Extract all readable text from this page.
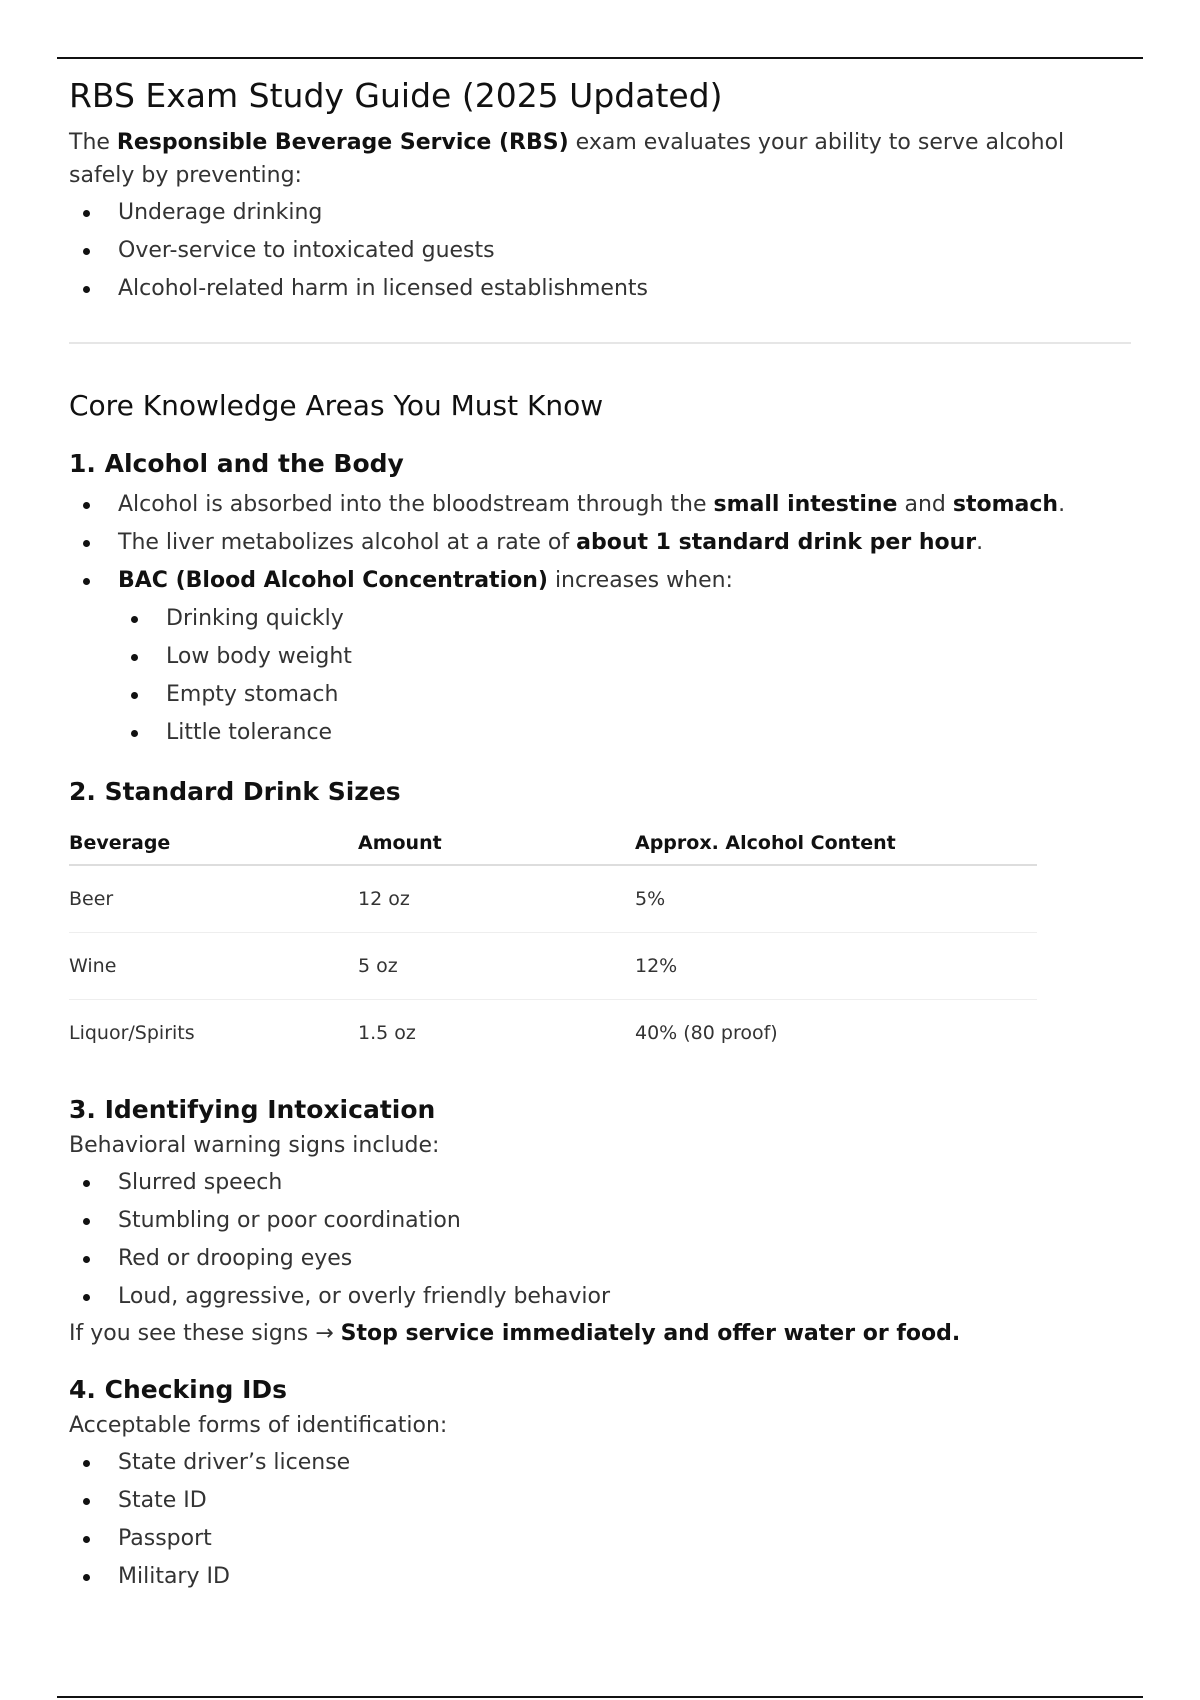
RBS Exam Study Guide (2025 Updated)

The Responsible Beverage Service (RBS) exam evaluates your ability to serve alcohol safely by preventing:

Underage drinking
Over-service to intoxicated guests
Alcohol-related harm in licensed establishments
Core Knowledge Areas You Must Know
1. Alcohol and the Body
Alcohol is absorbed into the bloodstream through the small intestine and stomach.
The liver metabolizes alcohol at a rate of about 1 standard drink per hour.
BAC (Blood Alcohol Concentration) increases when:
Drinking quickly
Low body weight
Empty stomach
Little tolerance
2. Standard Drink Sizes
Beverage	Amount	Approx. Alcohol Content
Beer	12 oz	5%
Wine	5 oz	12%
Liquor/Spirits	1.5 oz	40% (80 proof)
3. Identifying Intoxication

Behavioral warning signs include:

Slurred speech
Stumbling or poor coordination
Red or drooping eyes
Loud, aggressive, or overly friendly behavior

If you see these signs → Stop service immediately and offer water or food.

4. Checking IDs

Acceptable forms of identification:

State driver’s license
State ID
Passport
Military ID
